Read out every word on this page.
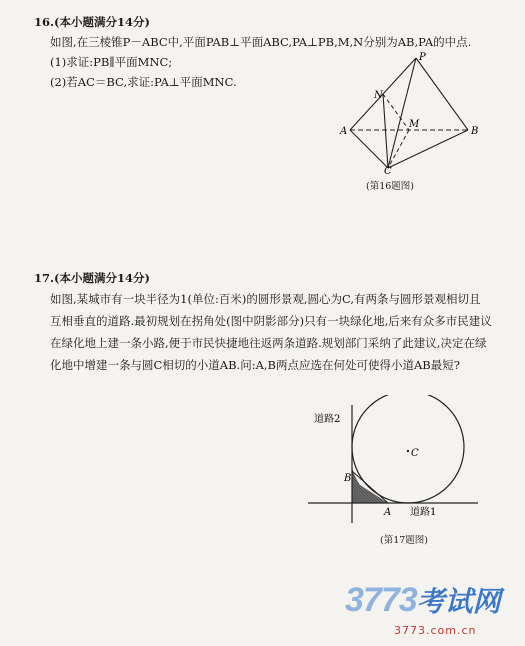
16.(本小题满分14分)
如图,在三棱锥P－ABC中,平面PAB⊥平面ABC,PA⊥PB,M,N分别为AB,PA的中点.
(1)求证:PB∥平面MNC;
(2)若AC＝BC,求证:PA⊥平面MNC.
P
N
M
A	B
C
(第16题图)
17.(本小题满分14分)
如图,某城市有一块半径为1(单位:百米)的圆形景观,圆心为C,有两条与圆形景观相切且
互相垂直的道路.最初规划在拐角处(图中阴影部分)只有一块绿化地,后来有众多市民建议
在绿化地上建一条小路,便于市民快捷地往返两条道路.规划部门采纳了此建议,决定在绿
化地中增建一条与圆C相切的小道AB.问:A,B两点应选在何处可使得小道AB最短?
C
B
A
道路2
道路1
(第17题图)
3773考试网
3773.com.cn
